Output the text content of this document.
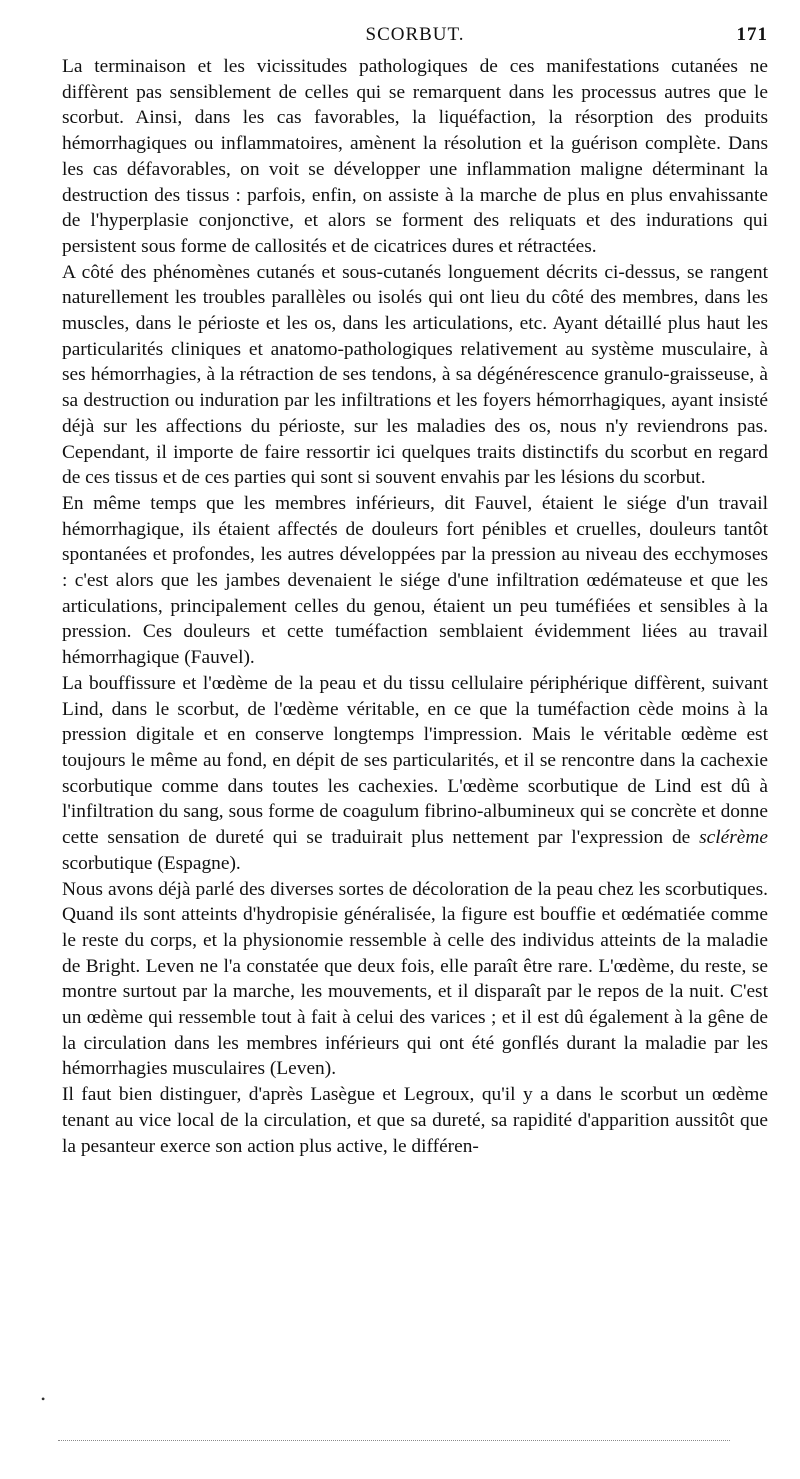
SCORBUT.	171

La terminaison et les vicissitudes pathologiques de ces manifestations cutanées ne diffèrent pas sensiblement de celles qui se remarquent dans les processus autres que le scorbut. Ainsi, dans les cas favorables, la liquéfaction, la résorption des produits hémorrhagiques ou inflammatoires, amènent la résolution et la guérison complète. Dans les cas défavorables, on voit se développer une inflammation maligne déterminant la destruction des tissus : parfois, enfin, on assiste à la marche de plus en plus envahissante de l'hyperplasie conjonctive, et alors se forment des reliquats et des indurations qui persistent sous forme de callosités et de cicatrices dures et rétractées.

A côté des phénomènes cutanés et sous-cutanés longuement décrits ci-dessus, se rangent naturellement les troubles parallèles ou isolés qui ont lieu du côté des membres, dans les muscles, dans le périoste et les os, dans les articulations, etc. Ayant détaillé plus haut les particularités cliniques et anatomo-pathologiques relativement au système musculaire, à ses hémorrhagies, à la rétraction de ses tendons, à sa dégénérescence granulo-graisseuse, à sa destruction ou induration par les infiltrations et les foyers hémorrhagiques, ayant insisté déjà sur les affections du périoste, sur les maladies des os, nous n'y reviendrons pas. Cependant, il importe de faire ressortir ici quelques traits distinctifs du scorbut en regard de ces tissus et de ces parties qui sont si souvent envahis par les lésions du scorbut.

En même temps que les membres inférieurs, dit Fauvel, étaient le siége d'un travail hémorrhagique, ils étaient affectés de douleurs fort pénibles et cruelles, douleurs tantôt spontanées et profondes, les autres développées par la pression au niveau des ecchymoses : c'est alors que les jambes devenaient le siége d'une infiltration œdémateuse et que les articulations, principalement celles du genou, étaient un peu tuméfiées et sensibles à la pression. Ces douleurs et cette tuméfaction semblaient évidemment liées au travail hémorrhagique (Fauvel).

La bouffissure et l'œdème de la peau et du tissu cellulaire périphérique diffèrent, suivant Lind, dans le scorbut, de l'œdème véritable, en ce que la tuméfaction cède moins à la pression digitale et en conserve longtemps l'impression. Mais le véritable œdème est toujours le même au fond, en dépit de ses particularités, et il se rencontre dans la cachexie scorbutique comme dans toutes les cachexies. L'œdème scorbutique de Lind est dû à l'infiltration du sang, sous forme de coagulum fibrino-albumineux qui se concrète et donne cette sensation de dureté qui se traduirait plus nettement par l'expression de sclérème scorbutique (Espagne).

Nous avons déjà parlé des diverses sortes de décoloration de la peau chez les scorbutiques. Quand ils sont atteints d'hydropisie généralisée, la figure est bouffie et œdématiée comme le reste du corps, et la physionomie ressemble à celle des individus atteints de la maladie de Bright. Leven ne l'a constatée que deux fois, elle paraît être rare. L'œdème, du reste, se montre surtout par la marche, les mouvements, et il disparaît par le repos de la nuit. C'est un œdème qui ressemble tout à fait à celui des varices ; et il est dû également à la gêne de la circulation dans les membres inférieurs qui ont été gonflés durant la maladie par les hémorrhagies musculaires (Leven).

Il faut bien distinguer, d'après Lasègue et Legroux, qu'il y a dans le scorbut un œdème tenant au vice local de la circulation, et que sa dureté, sa rapidité d'apparition aussitôt que la pesanteur exerce son action plus active, le différen-

•
